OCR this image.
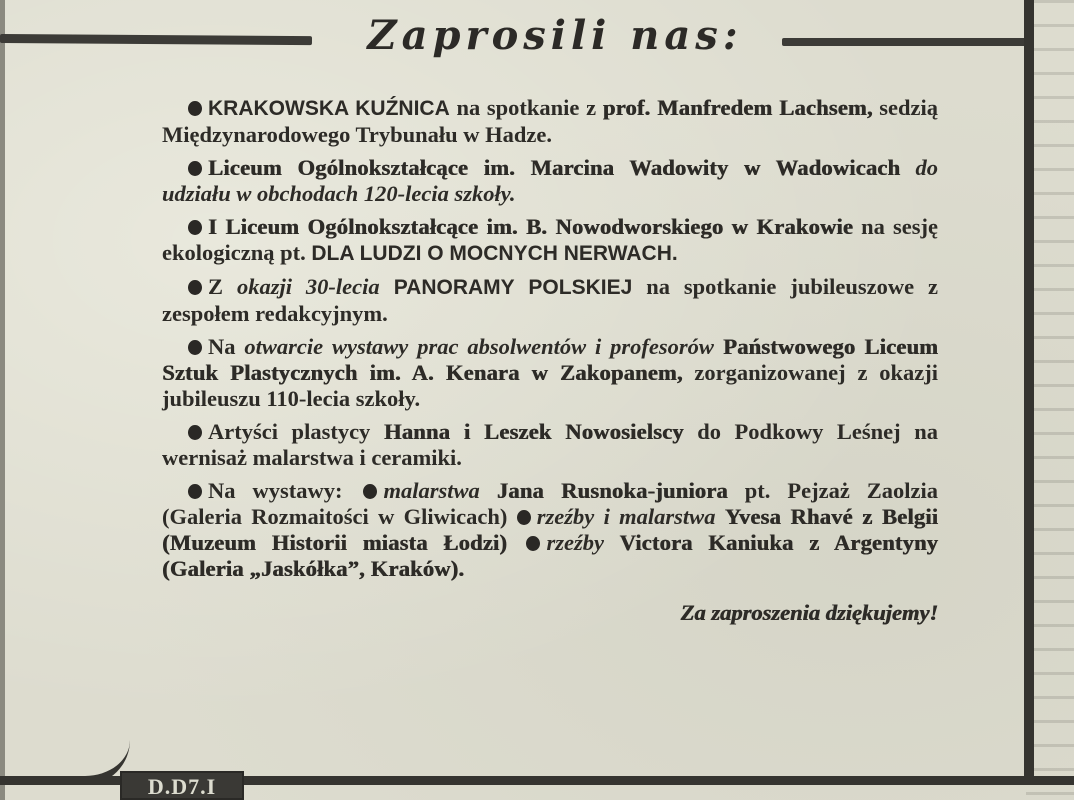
Zaprosili nas:
D.D7.I

KRAKOWSKA KUŹNICA na spotkanie z prof. Manfredem Lachsem, sedzią Międzynarodowego Trybunału w Hadze.

Liceum Ogólnokształcące im. Marcina Wadowity w Wadowicach do udziału w obchodach 120-lecia szkoły.

I Liceum Ogólnokształcące im. B. Nowodworskiego w Krakowie na sesję ekologiczną pt. DLA LUDZI O MOCNYCH NERWACH.

Z okazji 30-lecia PANORAMY POLSKIEJ na spotkanie jubileuszowe z zespołem redakcyjnym.

Na otwarcie wystawy prac absolwentów i profesorów Państwowego Liceum Sztuk Plastycznych im. A. Kenara w Zakopanem, zorganizowanej z okazji jubileuszu 110-lecia szkoły.

Artyści plastycy Hanna i Leszek Nowosielscy do Podkowy Leśnej na wernisaż malarstwa i ceramiki.

Na wystawy: malarstwa Jana Rusnoka-juniora pt. Pejzaż Zaolzia (Galeria Rozmaitości w Gliwicach) rzeźby i malarstwa Yvesa Rhavé z Belgii (Muzeum Historii miasta Łodzi) rzeźby Victora Kaniuka z Argentyny (Galeria „Jaskółka”, Kraków).

Za zaproszenia dziękujemy!
